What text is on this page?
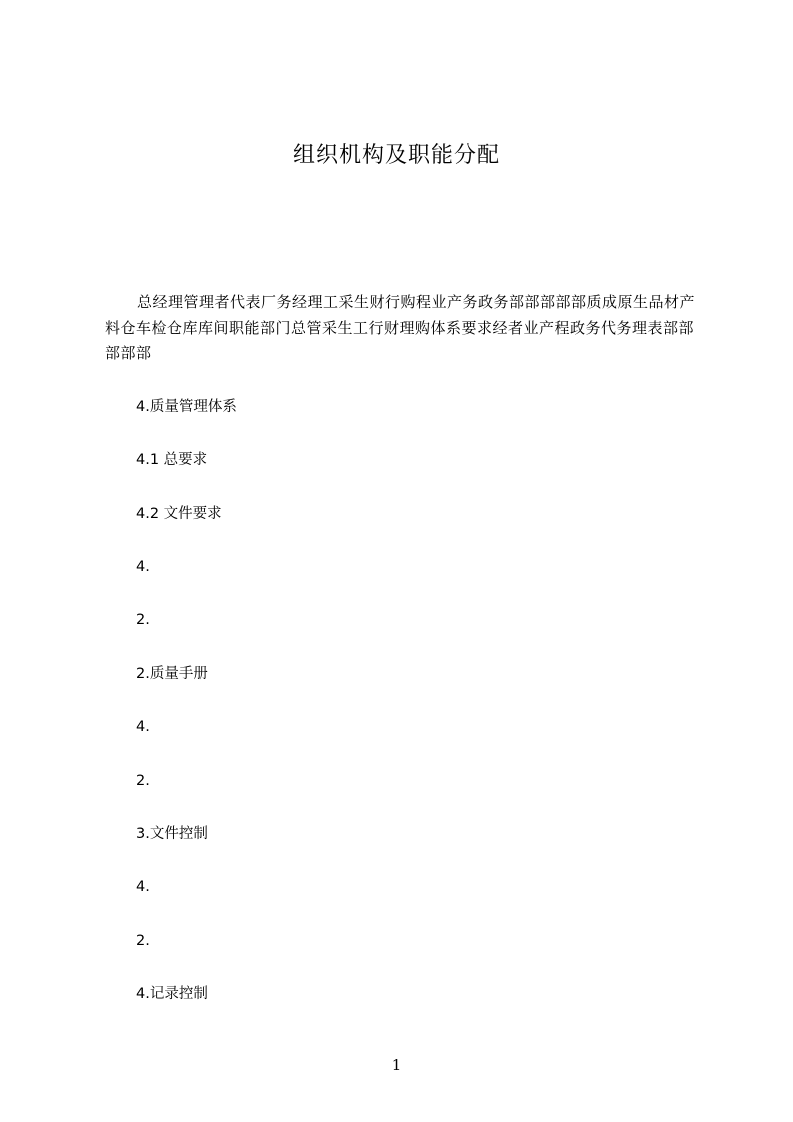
组织机构及职能分配

总经理管理者代表厂务经理工采生财行购程业产务政务部部部部部质成原生品材产料仓车检仓库库间职能部门总管采生工行财理购体系要求经者业产程政务代务理表部部部部部

4.质量管理体系

4.1 总要求

4.2 文件要求

4.

2.

2.质量手册

4.

2.

3.文件控制

4.

2.

4.记录控制

1
